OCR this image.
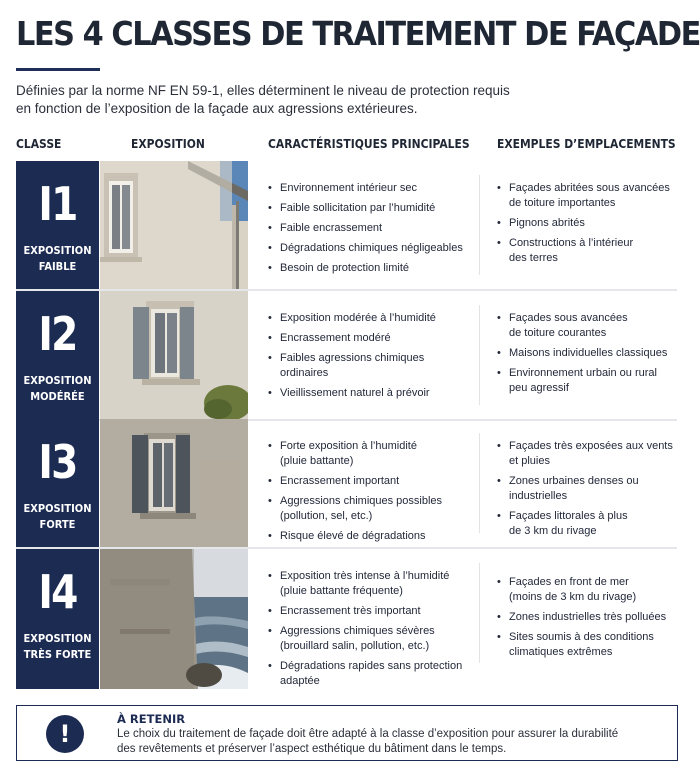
LES 4 CLASSES DE TRAITEMENT DE FAÇADE
Définies par la norme NF EN 59-1, elles déterminent le niveau de protection requis
en fonction de l’exposition de la façade aux agressions extérieures.
CLASSE	EXPOSITION	CARACTÉRISTIQUES PRINCIPALES EXEMPLES D’EMPLACEMENTS
I1
EXPOSITION
FAIBLE
• Environnement intérieur sec
• Faible sollicitation par l’humidité
• Faible encrassement
• Dégradations chimiques négligeables
• Besoin de protection limité
• Façades abritées sous avancées
de toiture importantes
• Pignons abrités
• Constructions à l’intérieur
des terres
I2
EXPOSITION
MODÉRÉE
• Exposition modérée à l’humidité
• Encrassement modéré
• Faibles agressions chimiques
ordinaires
• Vieillissement naturel à prévoir
• Façades sous avancées
de toiture courantes
• Maisons individuelles classiques
• Environnement urbain ou rural
peu agressif
I3
EXPOSITION
FORTE
• Forte exposition à l’humidité
(pluie battante)
• Encrassement important
• Aggressions chimiques possibles
(pollution, sel, etc.)
• Risque élevé de dégradations
• Façades très exposées aux vents
et pluies
• Zones urbaines denses ou
industrielles
• Façades littorales à plus
de 3 km du rivage
I4
EXPOSITION
TRÈS FORTE
• Exposition très intense à l’humidité
(pluie battante fréquente)
• Encrassement très important
• Aggressions chimiques sévères
(brouillard salin, pollution, etc.)
• Dégradations rapides sans protection
adaptée
• Façades en front de mer
(moins de 3 km du rivage)
• Zones industrielles très polluées
• Sites soumis à des conditions
climatiques extrêmes
!
À RETENIR
Le choix du traitement de façade doit être adapté à la classe d’exposition pour assurer la durabilité
des revêtements et préserver l’aspect esthétique du bâtiment dans le temps.
